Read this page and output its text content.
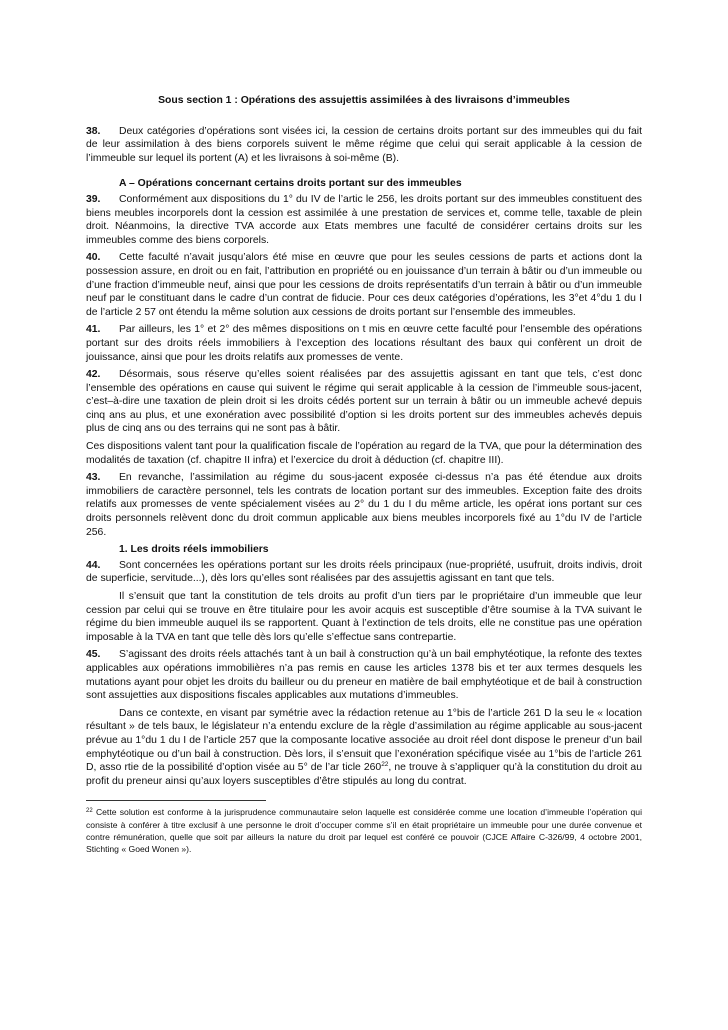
Sous section 1 : Opérations des assujettis assimilées à des livraisons d’immeubles

38. Deux catégories d’opérations sont visées ici, la cession de certains droits portant sur des immeubles qui du fait de leur assimilation à des biens corporels suivent le même régime que celui qui serait applicable à la cession de l’immeuble sur lequel ils portent (A) et les livraisons à soi-même (B).

A – Opérations concernant certains droits portant sur des immeubles

39. Conformément aux dispositions du 1° du IV de l’artic le 256, les droits portant sur des immeubles constituent des biens meubles incorporels dont la cession est assimilée à une prestation de services et, comme telle, taxable de plein droit. Néanmoins, la directive TVA accorde aux Etats membres une faculté de considérer certains droits sur les immeubles comme des biens corporels.

40. Cette faculté n’avait jusqu’alors été mise en œuvre que pour les seules cessions de parts et actions dont la possession assure, en droit ou en fait, l’attribution en propriété ou en jouissance d’un terrain à bâtir ou d’un immeuble ou d’une fraction d’immeuble neuf, ainsi que pour les cessions de droits représentatifs d’un terrain à bâtir ou d’un immeuble neuf par le constituant dans le cadre d’un contrat de fiducie. Pour ces deux catégories d’opérations, les 3°et 4°du 1 du I de l’article 2 57 ont étendu la même solution aux cessions de droits portant sur l’ensemble des immeubles.

41. Par ailleurs, les 1° et 2° des mêmes dispositions on t mis en œuvre cette faculté pour l’ensemble des opérations portant sur des droits réels immobiliers à l’exception des locations résultant des baux qui confèrent un droit de jouissance, ainsi que pour les droits relatifs aux promesses de vente.

42. Désormais, sous réserve qu’elles soient réalisées par des assujettis agissant en tant que tels, c’est donc l’ensemble des opérations en cause qui suivent le régime qui serait applicable à la cession de l’immeuble sous-jacent, c’est–à-dire une taxation de plein droit si les droits cédés portent sur un terrain à bâtir ou un immeuble achevé depuis cinq ans au plus, et une exonération avec possibilité d’option si les droits portent sur des immeubles achevés depuis plus de cinq ans ou des terrains qui ne sont pas à bâtir.

Ces dispositions valent tant pour la qualification fiscale de l’opération au regard de la TVA, que pour la détermination des modalités de taxation (cf. chapitre II infra) et l’exercice du droit à déduction (cf. chapitre III).

43. En revanche, l’assimilation au régime du sous-jacent exposée ci-dessus n’a pas été étendue aux droits immobiliers de caractère personnel, tels les contrats de location portant sur des immeubles. Exception faite des droits relatifs aux promesses de vente spécialement visées au 2° du 1 du I du même article, les opérat ions portant sur ces droits personnels relèvent donc du droit commun applicable aux biens meubles incorporels fixé au 1°du IV de l’article 256.

1. Les droits réels immobiliers

44. Sont concernées les opérations portant sur les droits réels principaux (nue-propriété, usufruit, droits indivis, droit de superficie, servitude...), dès lors qu’elles sont réalisées par des assujettis agissant en tant que tels.

Il s’ensuit que tant la constitution de tels droits au profit d’un tiers par le propriétaire d’un immeuble que leur cession par celui qui se trouve en être titulaire pour les avoir acquis est susceptible d’être soumise à la TVA suivant le régime du bien immeuble auquel ils se rapportent. Quant à l’extinction de tels droits, elle ne constitue pas une opération imposable à la TVA en tant que telle dès lors qu’elle s’effectue sans contrepartie.

45. S’agissant des droits réels attachés tant à un bail à construction qu’à un bail emphytéotique, la refonte des textes applicables aux opérations immobilières n’a pas remis en cause les articles 1378 bis et ter aux termes desquels les mutations ayant pour objet les droits du bailleur ou du preneur en matière de bail emphytéotique et de bail à construction sont assujetties aux dispositions fiscales applicables aux mutations d’immeubles.

Dans ce contexte, en visant par symétrie avec la rédaction retenue au 1°bis de l’article 261 D la seu le « location résultant » de tels baux, le législateur n’a entendu exclure de la règle d’assimilation au régime applicable au sous-jacent prévue au 1°du 1 du I de l’article 257 que la composante locative associée au droit réel dont dispose le preneur d’un bail emphytéotique ou d’un bail à construction. Dès lors, il s’ensuit que l’exonération spécifique visée au 1°bis de l’article 261 D, asso rtie de la possibilité d’option visée au 5° de l’ar ticle 260$^{22}$, ne trouve à s’appliquer qu’à la constitution du droit au profit du preneur ainsi qu’aux loyers susceptibles d’être stipulés au long du contrat.

$^{22}$ Cette solution est conforme à la jurisprudence communautaire selon laquelle est considérée comme une location d’immeuble l’opération qui consiste à conférer à titre exclusif à une personne le droit d’occuper comme s’il en était propriétaire un immeuble pour une durée convenue et contre rémunération, quelle que soit par ailleurs la nature du droit par lequel est conféré ce pouvoir (CJCE Affaire C-326/99, 4 octobre 2001, Stichting « Goed Wonen »).
